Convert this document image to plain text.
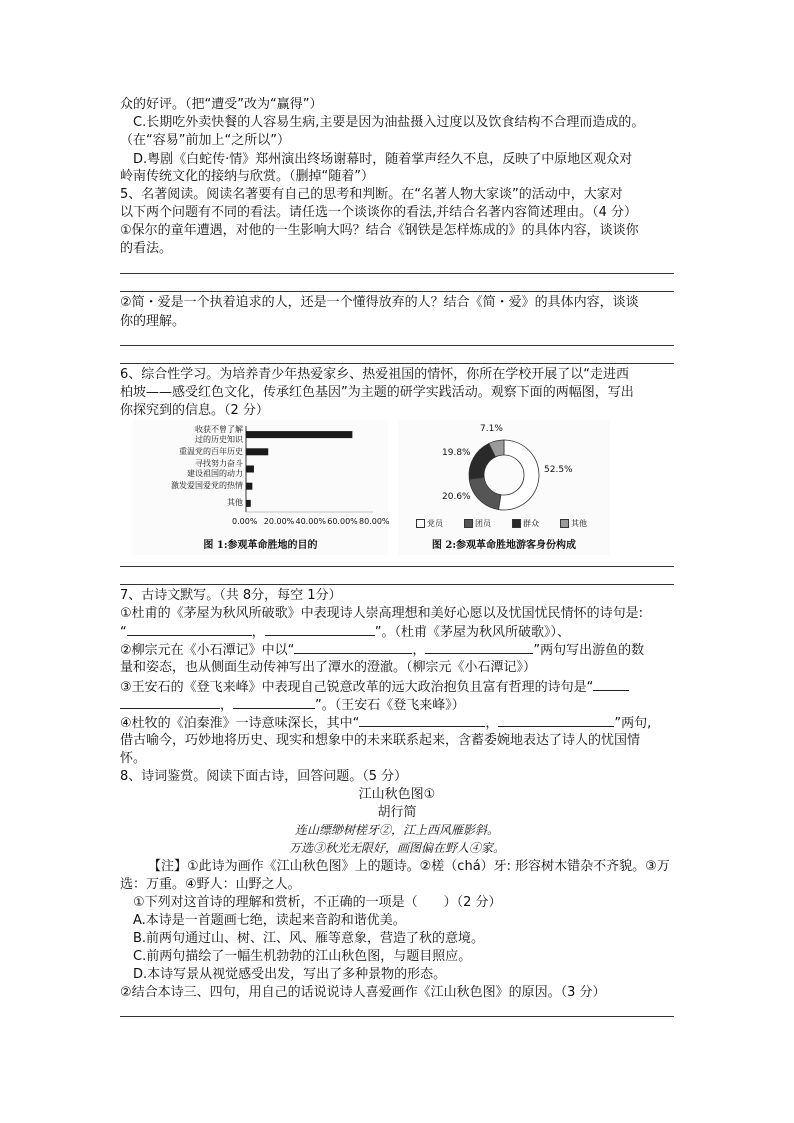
众的好评。（把“遭受”改为“赢得”）
C.长期吃外卖快餐的人容易生病,主要是因为油盐摄入过度以及饮食结构不合理而造成的。
（在“容易”前加上“之所以”）
D.粤剧《白蛇传·情》郑州演出终场谢幕时，随着掌声经久不息，反映了中原地区观众对
岭南传统文化的接纳与欣赏。（删掉“随着”）
5、名著阅读。阅读名著要有自己的思考和判断。在“名著人物大家谈”的活动中，大家对
以下两个问题有不同的看法。请任选一个谈谈你的看法,并结合名著内容简述理由。（4 分）
①保尔的童年遭遇，对他的一生影响大吗？结合《钢铁是怎样炼成的》的具体内容，谈谈你
的看法。
②简・爱是一个执着追求的人，还是一个懂得放弃的人？结合《简・爱》的具体内容，谈谈
你的理解。
6、综合性学习。为培养青少年热爱家乡、热爱祖国的情怀，你所在学校开展了以“走进西
柏坡——感受红色文化，传承红色基因”为主题的研学实践活动。观察下面的两幅图，写出
你探究到的信息。（2 分）
图 1:参观革命胜地的目的
收获不曾了解
过的历史知识
重温党的百年历史
寻找努力奋斗
建设祖国的动力
激发爱国爱党的热情
其他
0.00% 20.00% 40.00% 60.00% 80.00%
图 2:参观革命胜地游客身份构成
52.5%
20.6%
19.8%
7.1%
党员	团员	群众	其他
7、古诗文默写。（共 8分，每空 1分）
①杜甫的《茅屋为秋风所破歌》中表现诗人崇高理想和美好心愿以及忧国忧民情怀的诗句是:
“	，	”。（杜甫《茅屋为秋风所破歌》）、
②柳宗元在《小石潭记》中以“	，	”两句写出游鱼的数
量和姿态，也从侧面生动传神写出了潭水的澄澈。（柳宗元《小石潭记》）
③王安石的《登飞来峰》中表现自己锐意改革的远大政治抱负且富有哲理的诗句是“
，	”。（王安石《登飞来峰》）
④杜牧的《泊秦淮》一诗意味深长，其中“	，	”两句,
借古喻今，巧妙地将历史、现实和想象中的未来联系起来，含蓄委婉地表达了诗人的忧国情
怀。
8、诗词鉴赏。阅读下面古诗，回答问题。（5 分）
江山秋色图①
胡行简
连山缥缈树槎牙②，江上西风雁影斜。
万选③秋光无限好，画图偏在野人④家。
【注】①此诗为画作《江山秋色图》上的题诗。②槎（chá）牙: 形容树木错杂不齐貌。③万
选：万重。④野人：山野之人。
①下列对这首诗的理解和赏析，不正确的一项是（　　）（2 分）
A.本诗是一首题画七绝，读起来音韵和谐优美。
B.前两句通过山、树、江、风、雁等意象，营造了秋的意境。
C.前两句描绘了一幅生机勃勃的江山秋色图，与题目照应。
D.本诗写景从视觉感受出发，写出了多种景物的形态。
②结合本诗三、四句，用自己的话说说诗人喜爱画作《江山秋色图》的原因。（3 分）
